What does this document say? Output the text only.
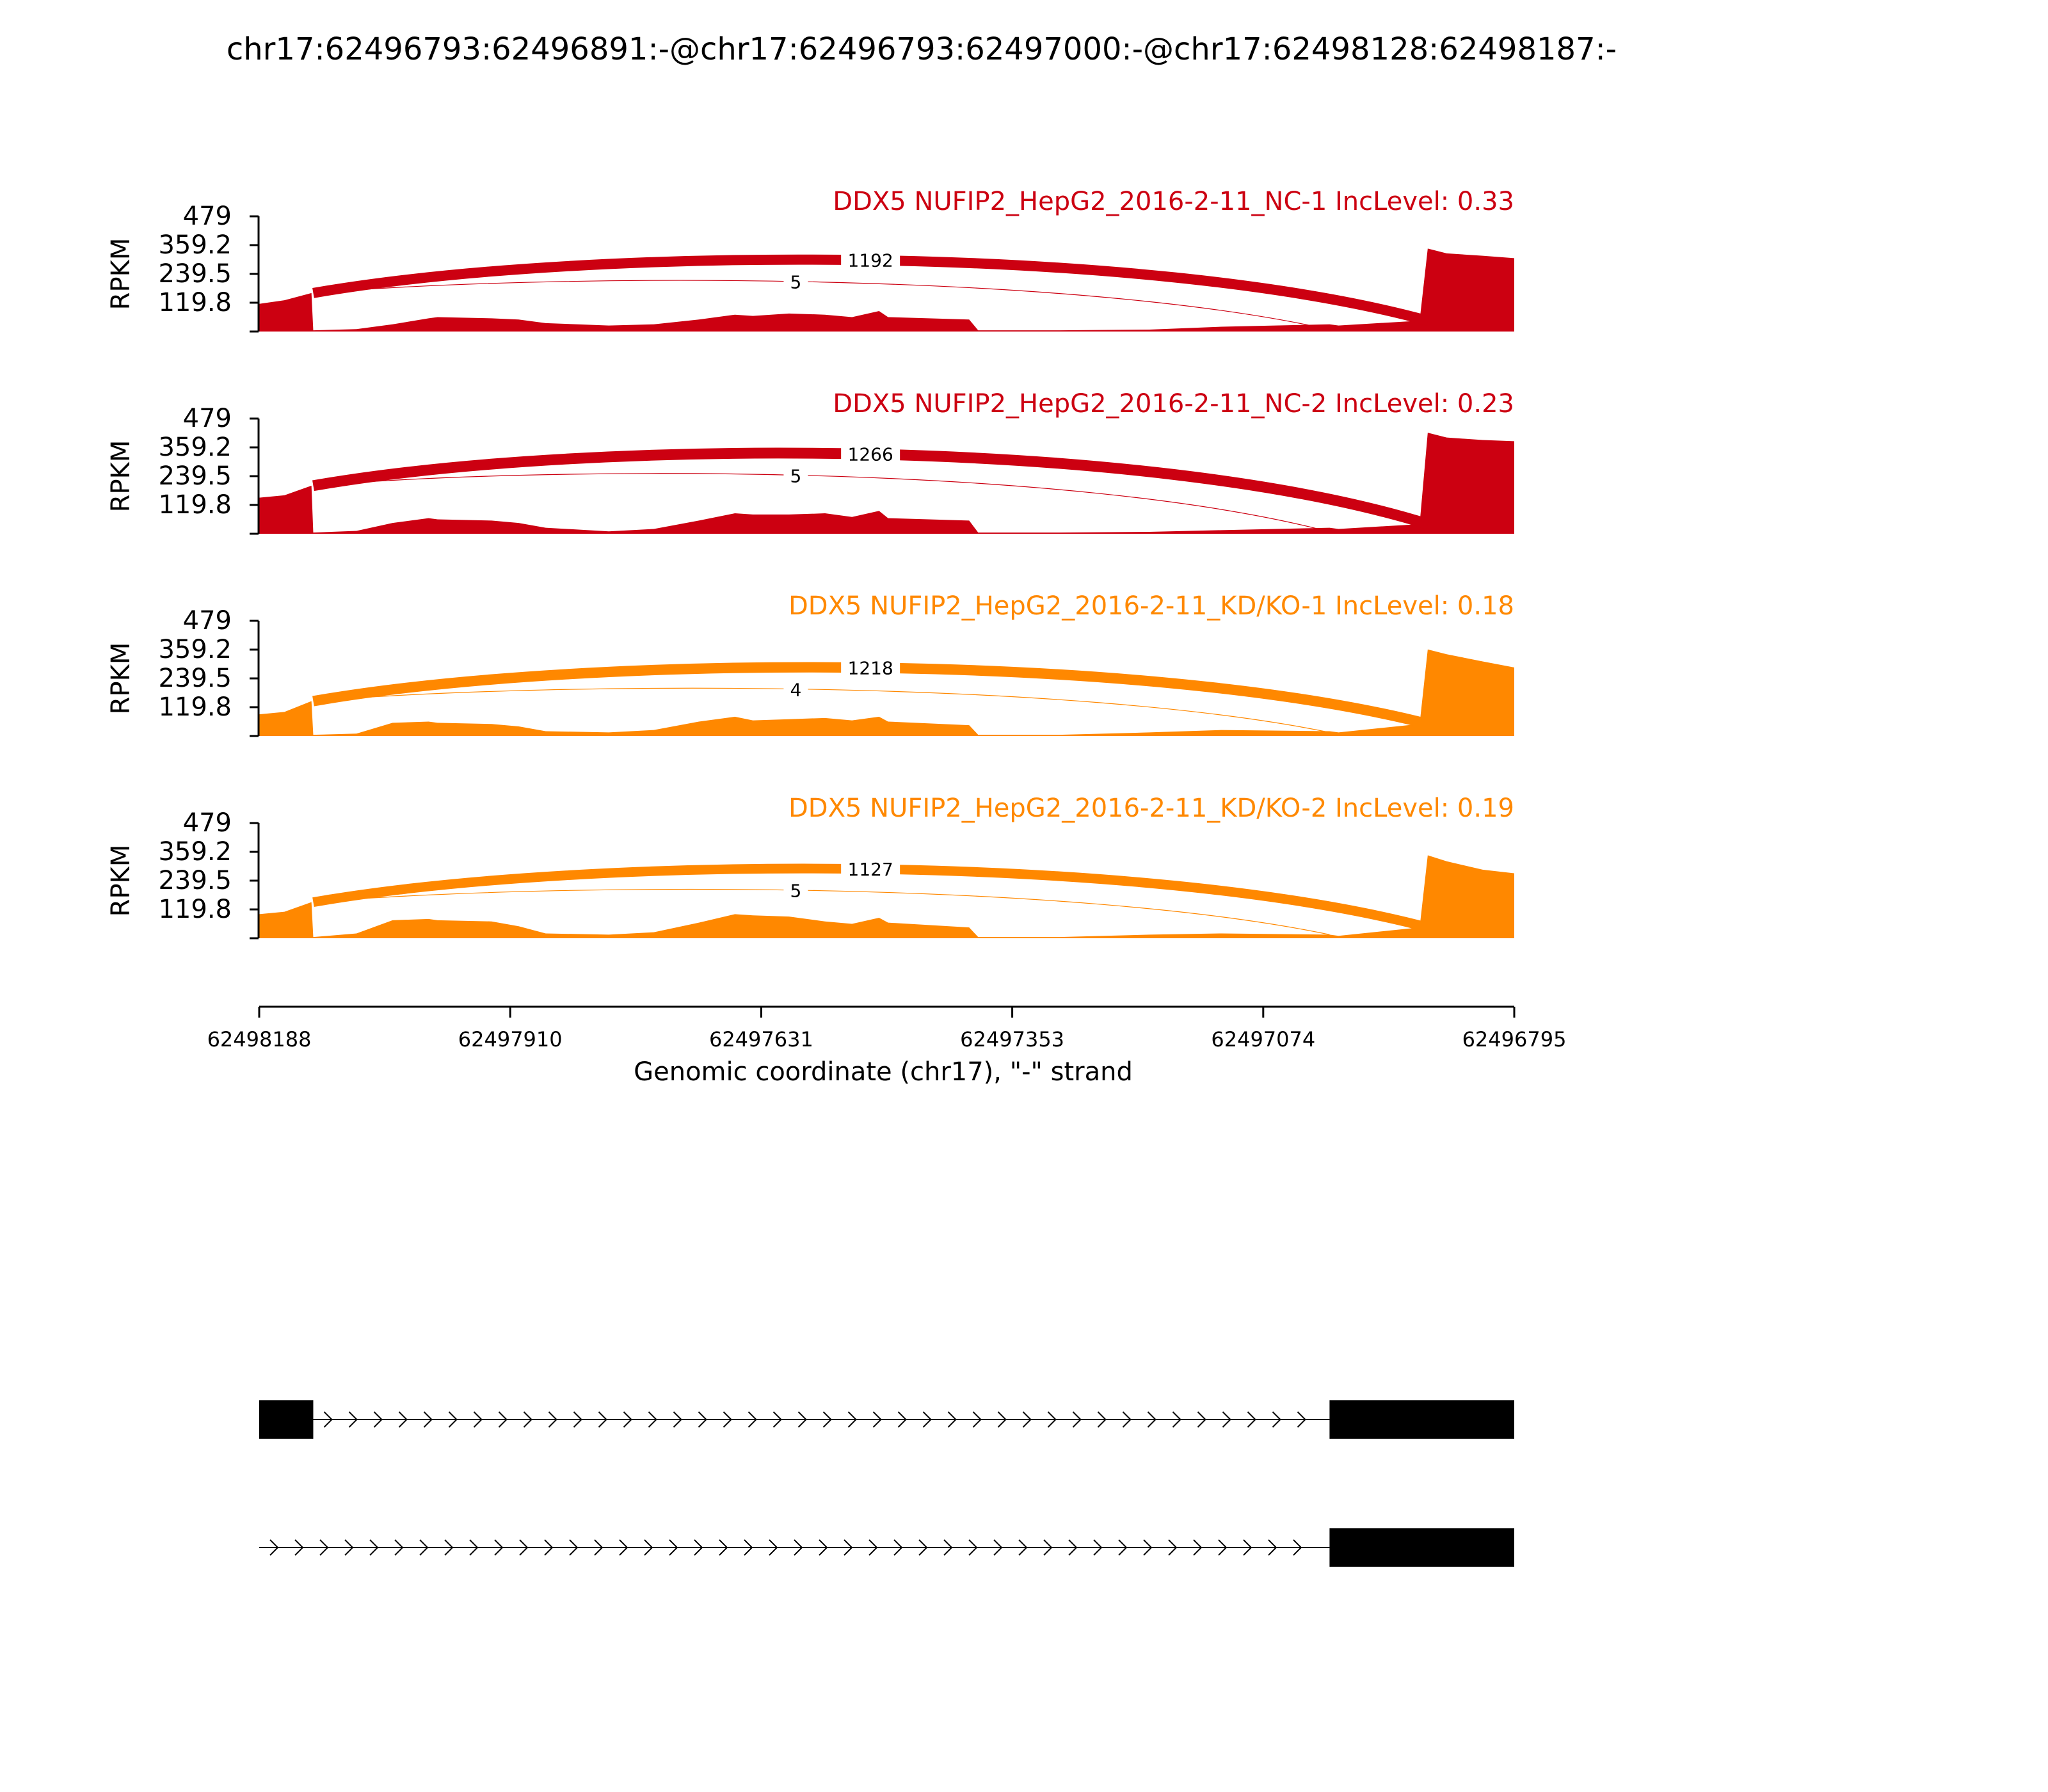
chr17:62496793:62496891:-@chr17:62496793:62497000:-@chr17:62498128:62498187:-
1192
5
119.8
239.5
359.2
479
RPKM
DDX5 NUFIP2_HepG2_2016-2-11_NC-1 IncLevel: 0.33
1266
5
119.8
239.5
359.2
479
RPKM
DDX5 NUFIP2_HepG2_2016-2-11_NC-2 IncLevel: 0.23
1218
4
119.8
239.5
359.2
479
RPKM
DDX5 NUFIP2_HepG2_2016-2-11_KD/KO-1 IncLevel: 0.18
1127
5
119.8
239.5
359.2
479
RPKM
DDX5 NUFIP2_HepG2_2016-2-11_KD/KO-2 IncLevel: 0.19
62498188	62497910	62497631	62497353	62497074	62496795
Genomic coordinate (chr17), "-" strand
